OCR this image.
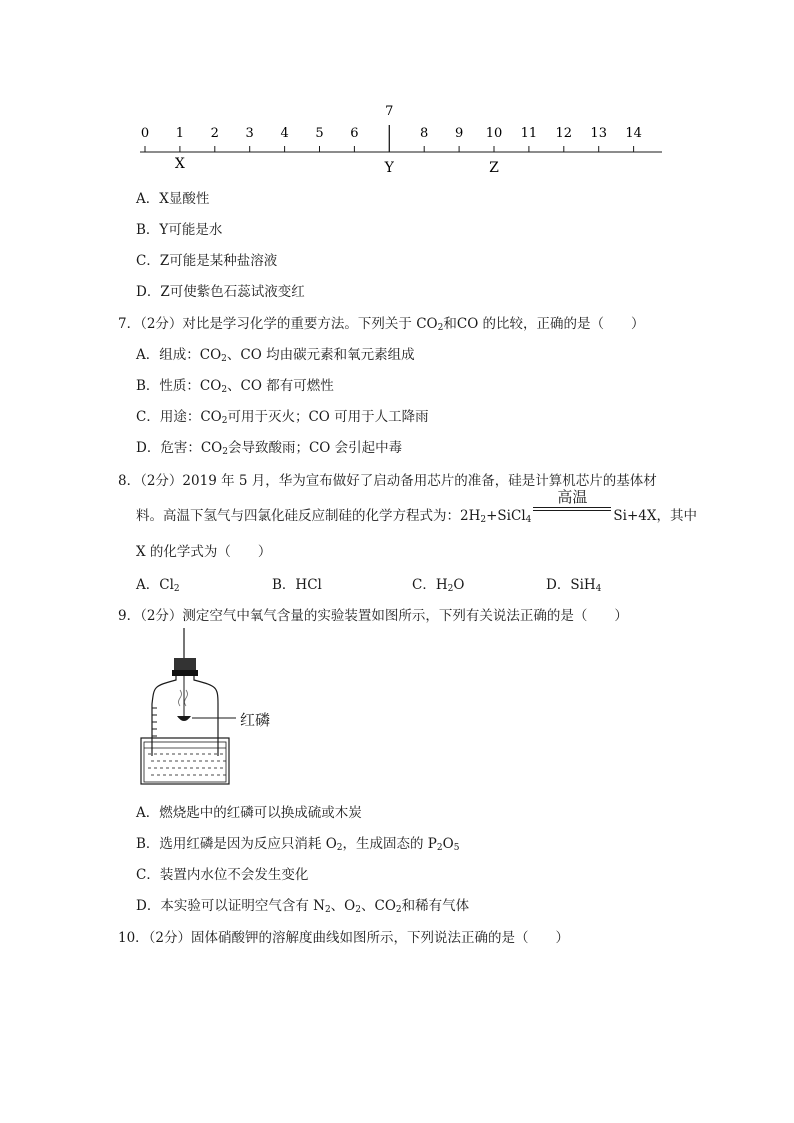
0 1 2 3 4 5 6
7
8 9 10 11 12 13 14
X	Y	Z
A．X显酸性
B．Y可能是水
C．Z可能是某种盐溶液
D．Z可使紫色石蕊试液变红
7．（2分）对比是学习化学的重要方法。下列关于 $CO_2$和CO 的比较，正确的是（　　）
A．组成：$CO_2$、CO 均由碳元素和氧元素组成
B．性质：$CO_2$、CO 都有可燃性
C．用途：$CO_2$可用于灭火；CO 可用于人工降雨
D．危害：$CO_2$会导致酸雨；CO 会引起中毒
8．（2分）2019 年 5 月，华为宣布做好了启动备用芯片的准备，硅是计算机芯片的基体材
料。高温下氢气与四氯化硅反应制硅的化学方程式为：$2H_2+SiCl_4$
高温
Si+4X，其中
X 的化学式为（　　）
A．$Cl_2$	B．HCl	C．$H_2O$	D．SiH$_4$
9．（2分）测定空气中氧气含量的实验装置如图所示，下列有关说法正确的是（　　）
红磷
A．燃烧匙中的红磷可以换成硫或木炭
B．选用红磷是因为反应只消耗 $O_2$，生成固态的 $P_2O_5$
C．装置内水位不会发生变化
D．本实验可以证明空气含有 $N_2$、$O_2$、$CO_2$和稀有气体
10．（2分）固体硝酸钾的溶解度曲线如图所示，下列说法正确的是（　　）
